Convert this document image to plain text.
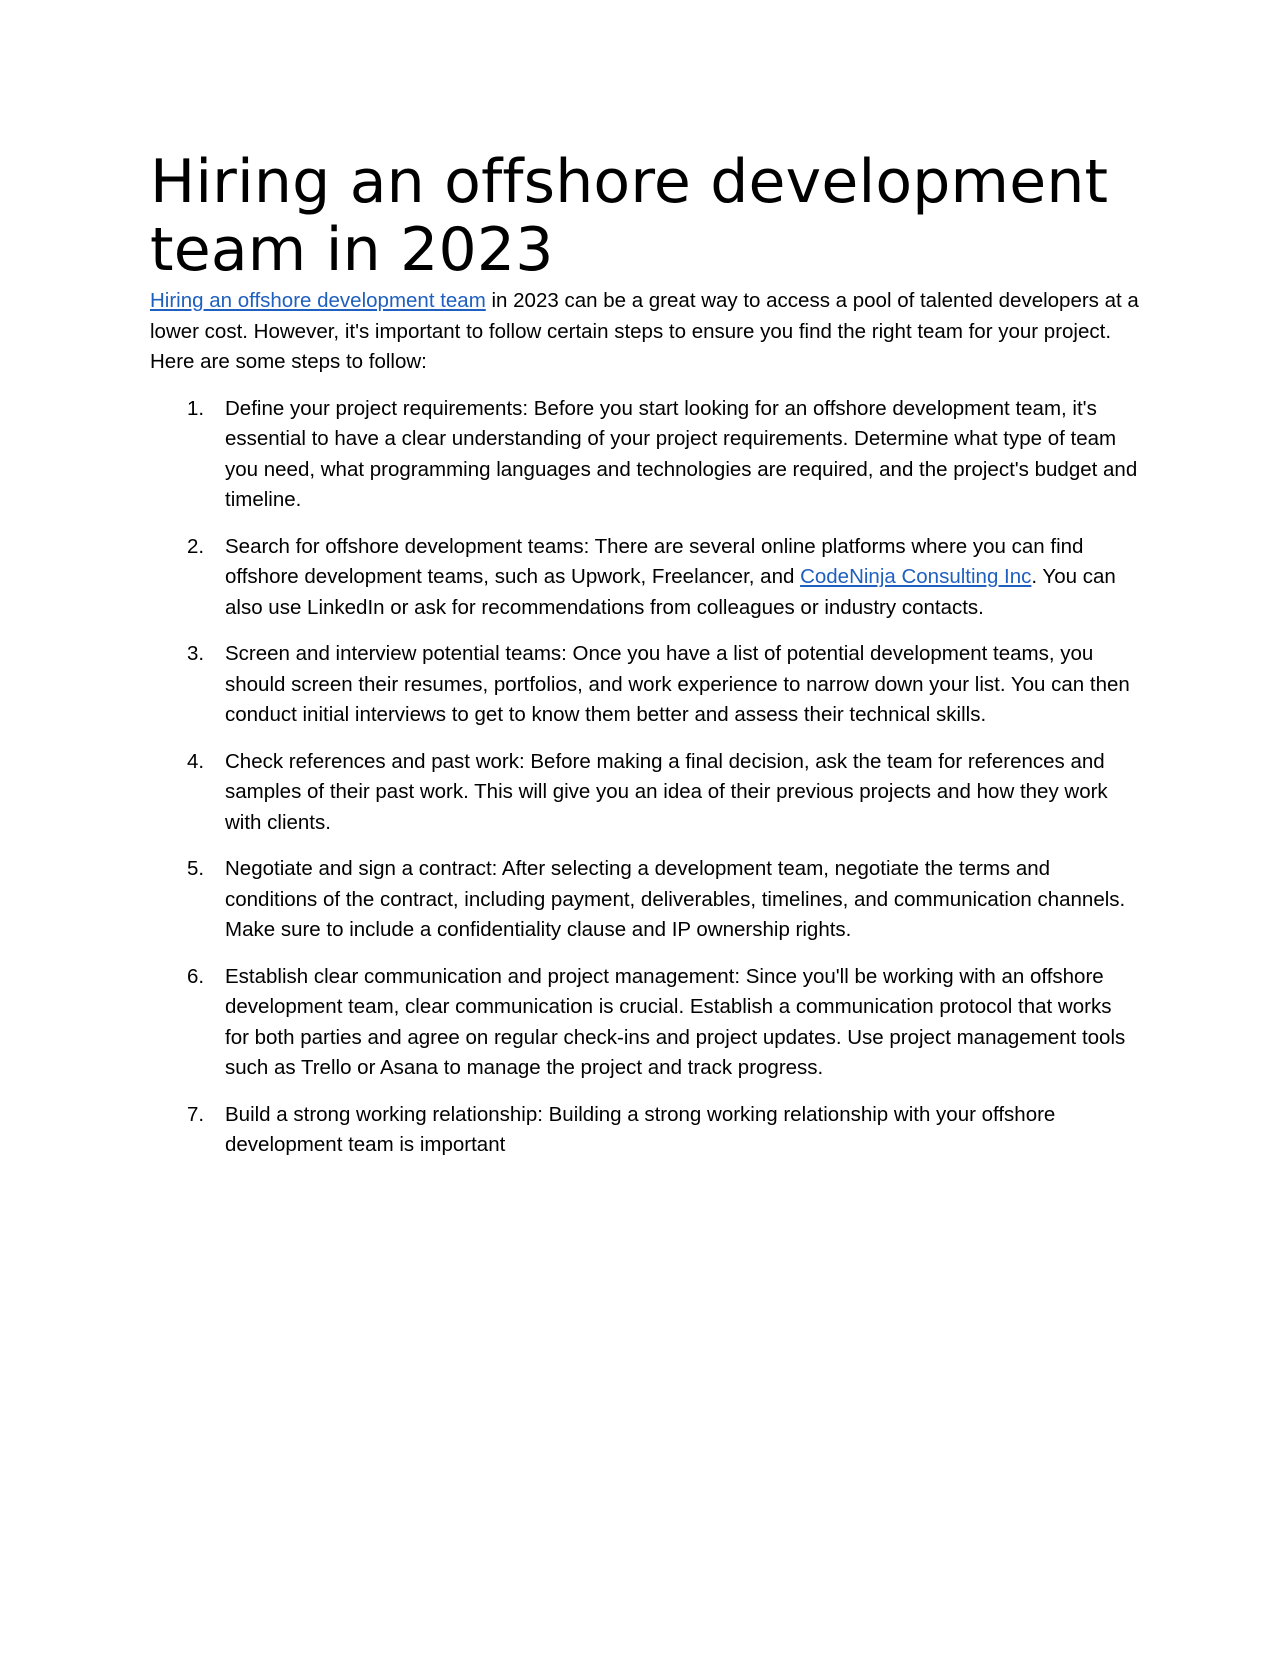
Hiring an offshore development team in 2023

Hiring an offshore development team in 2023 can be a great way to access a pool of talented developers at a lower cost. However, it's important to follow certain steps to ensure you find the right team for your project. Here are some steps to follow:

1. Define your project requirements: Before you start looking for an offshore development team, it's essential to have a clear understanding of your project requirements. Determine what type of team you need, what programming languages and technologies are required, and the project's budget and timeline.
2. Search for offshore development teams: There are several online platforms where you can find offshore development teams, such as Upwork, Freelancer, and CodeNinja Consulting Inc. You can also use LinkedIn or ask for recommendations from colleagues or industry contacts.
3. Screen and interview potential teams: Once you have a list of potential development teams, you should screen their resumes, portfolios, and work experience to narrow down your list. You can then conduct initial interviews to get to know them better and assess their technical skills.
4. Check references and past work: Before making a final decision, ask the team for references and samples of their past work. This will give you an idea of their previous projects and how they work with clients.
5. Negotiate and sign a contract: After selecting a development team, negotiate the terms and conditions of the contract, including payment, deliverables, timelines, and communication channels. Make sure to include a confidentiality clause and IP ownership rights.
6. Establish clear communication and project management: Since you'll be working with an offshore development team, clear communication is crucial. Establish a communication protocol that works for both parties and agree on regular check-ins and project updates. Use project management tools such as Trello or Asana to manage the project and track progress.
7. Build a strong working relationship: Building a strong working relationship with your offshore development team is important
